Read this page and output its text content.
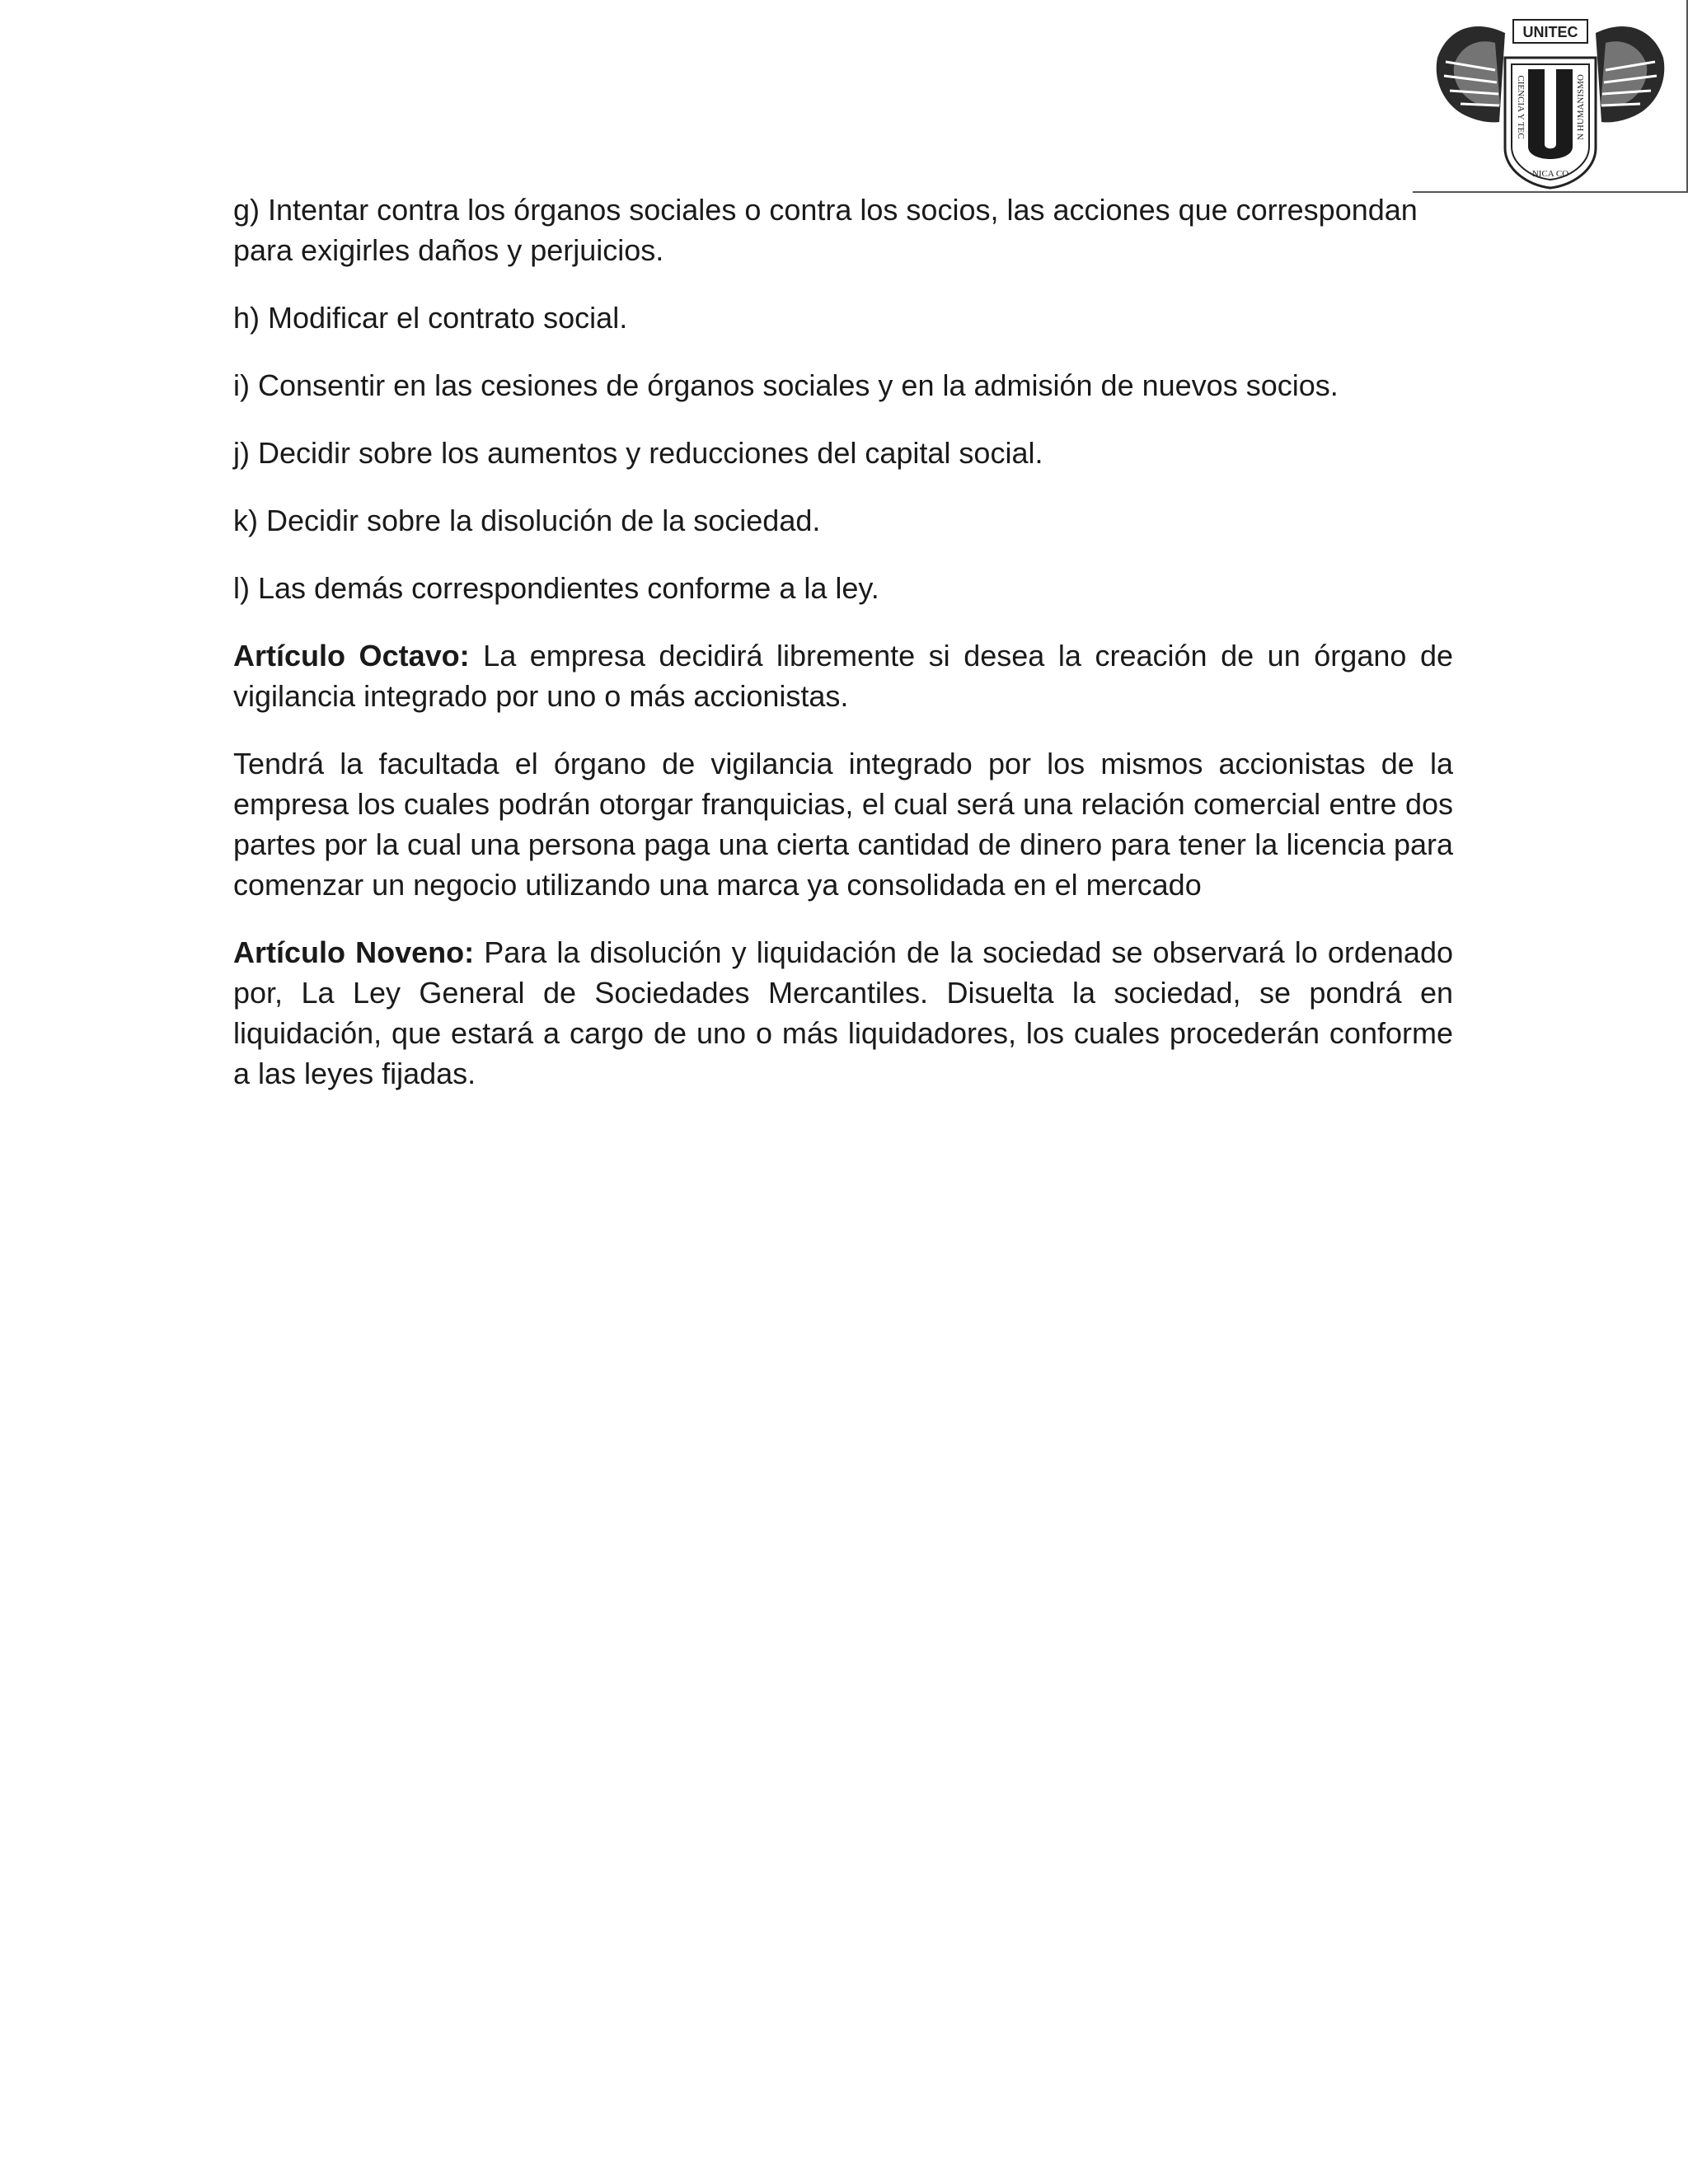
UNITEC
CIENCIA Y TEC	N HUMANISMO
NICA CO

g) Intentar contra los órganos sociales o contra los socios, las acciones que correspondan para exigirles daños y perjuicios.

h) Modificar el contrato social.

i) Consentir en las cesiones de órganos sociales y en la admisión de nuevos socios.

j) Decidir sobre los aumentos y reducciones del capital social.

k) Decidir sobre la disolución de la sociedad.

l) Las demás correspondientes conforme a la ley.

Artículo Octavo: La empresa decidirá libremente si desea la creación de un órgano de vigilancia integrado por uno o más accionistas.

Tendrá la facultada el órgano de vigilancia integrado por los mismos accionistas de la empresa los cuales podrán otorgar franquicias, el cual será una relación comercial entre dos partes por la cual una persona paga una cierta cantidad de dinero para tener la licencia para comenzar un negocio utilizando una marca ya consolidada en el mercado

Artículo Noveno: Para la disolución y liquidación de la sociedad se observará lo ordenado por, La Ley General de Sociedades Mercantiles. Disuelta la sociedad, se pondrá en liquidación, que estará a cargo de uno o más liquidadores, los cuales procederán conforme a las leyes fijadas.
